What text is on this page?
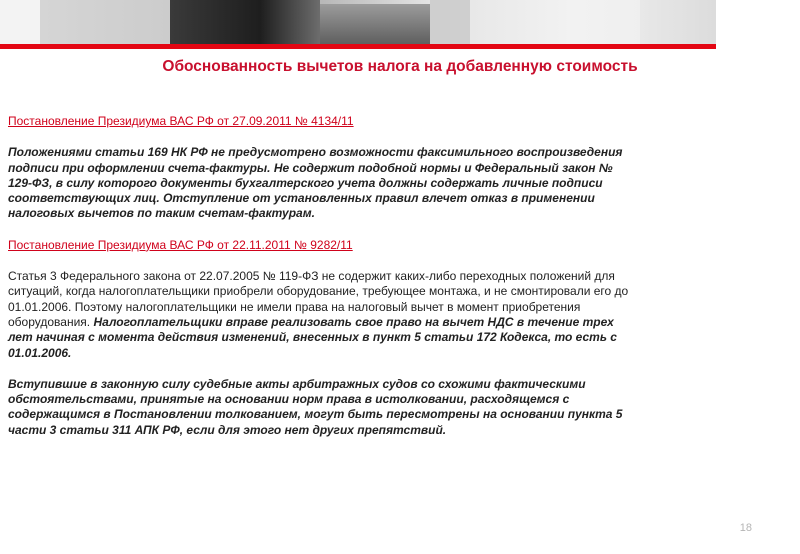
Обоснованность вычетов налога на добавленную стоимость

Постановление Президиума ВАС РФ от 27.09.2011 № 4134/11

Положениями статьи 169 НК РФ не предусмотрено возможности факсимильного воспроизведения

подписи при оформлении счета-фактуры. Не содержит подобной нормы и Федеральный закон №

129-ФЗ, в силу которого документы бухгалтерского учета должны содержать личные подписи

соответствующих лиц. Отступление от установленных правил влечет отказ в применении

налоговых вычетов по таким счетам-фактурам.

Постановление Президиума ВАС РФ от 22.11.2011 № 9282/11

Статья 3 Федерального закона от 22.07.2005 № 119-ФЗ не содержит каких-либо переходных положений для

ситуаций, когда налогоплательщики приобрели оборудование, требующее монтажа, и не смонтировали его до

01.01.2006. Поэтому налогоплательщики не имели права на налоговый вычет в момент приобретения

оборудования. Налогоплательщики вправе реализовать свое право на вычет НДС в течение трех

лет начиная с момента действия изменений, внесенных в пункт 5 статьи 172 Кодекса, то есть с

01.01.2006.

Вступившие в законную силу судебные акты арбитражных судов со схожими фактическими

обстоятельствами, принятые на основании норм права в истолковании, расходящемся с

содержащимся в Постановлении толкованием, могут быть пересмотрены на основании пункта 5

части 3 статьи 311 АПК РФ, если для этого нет других препятствий.

18
